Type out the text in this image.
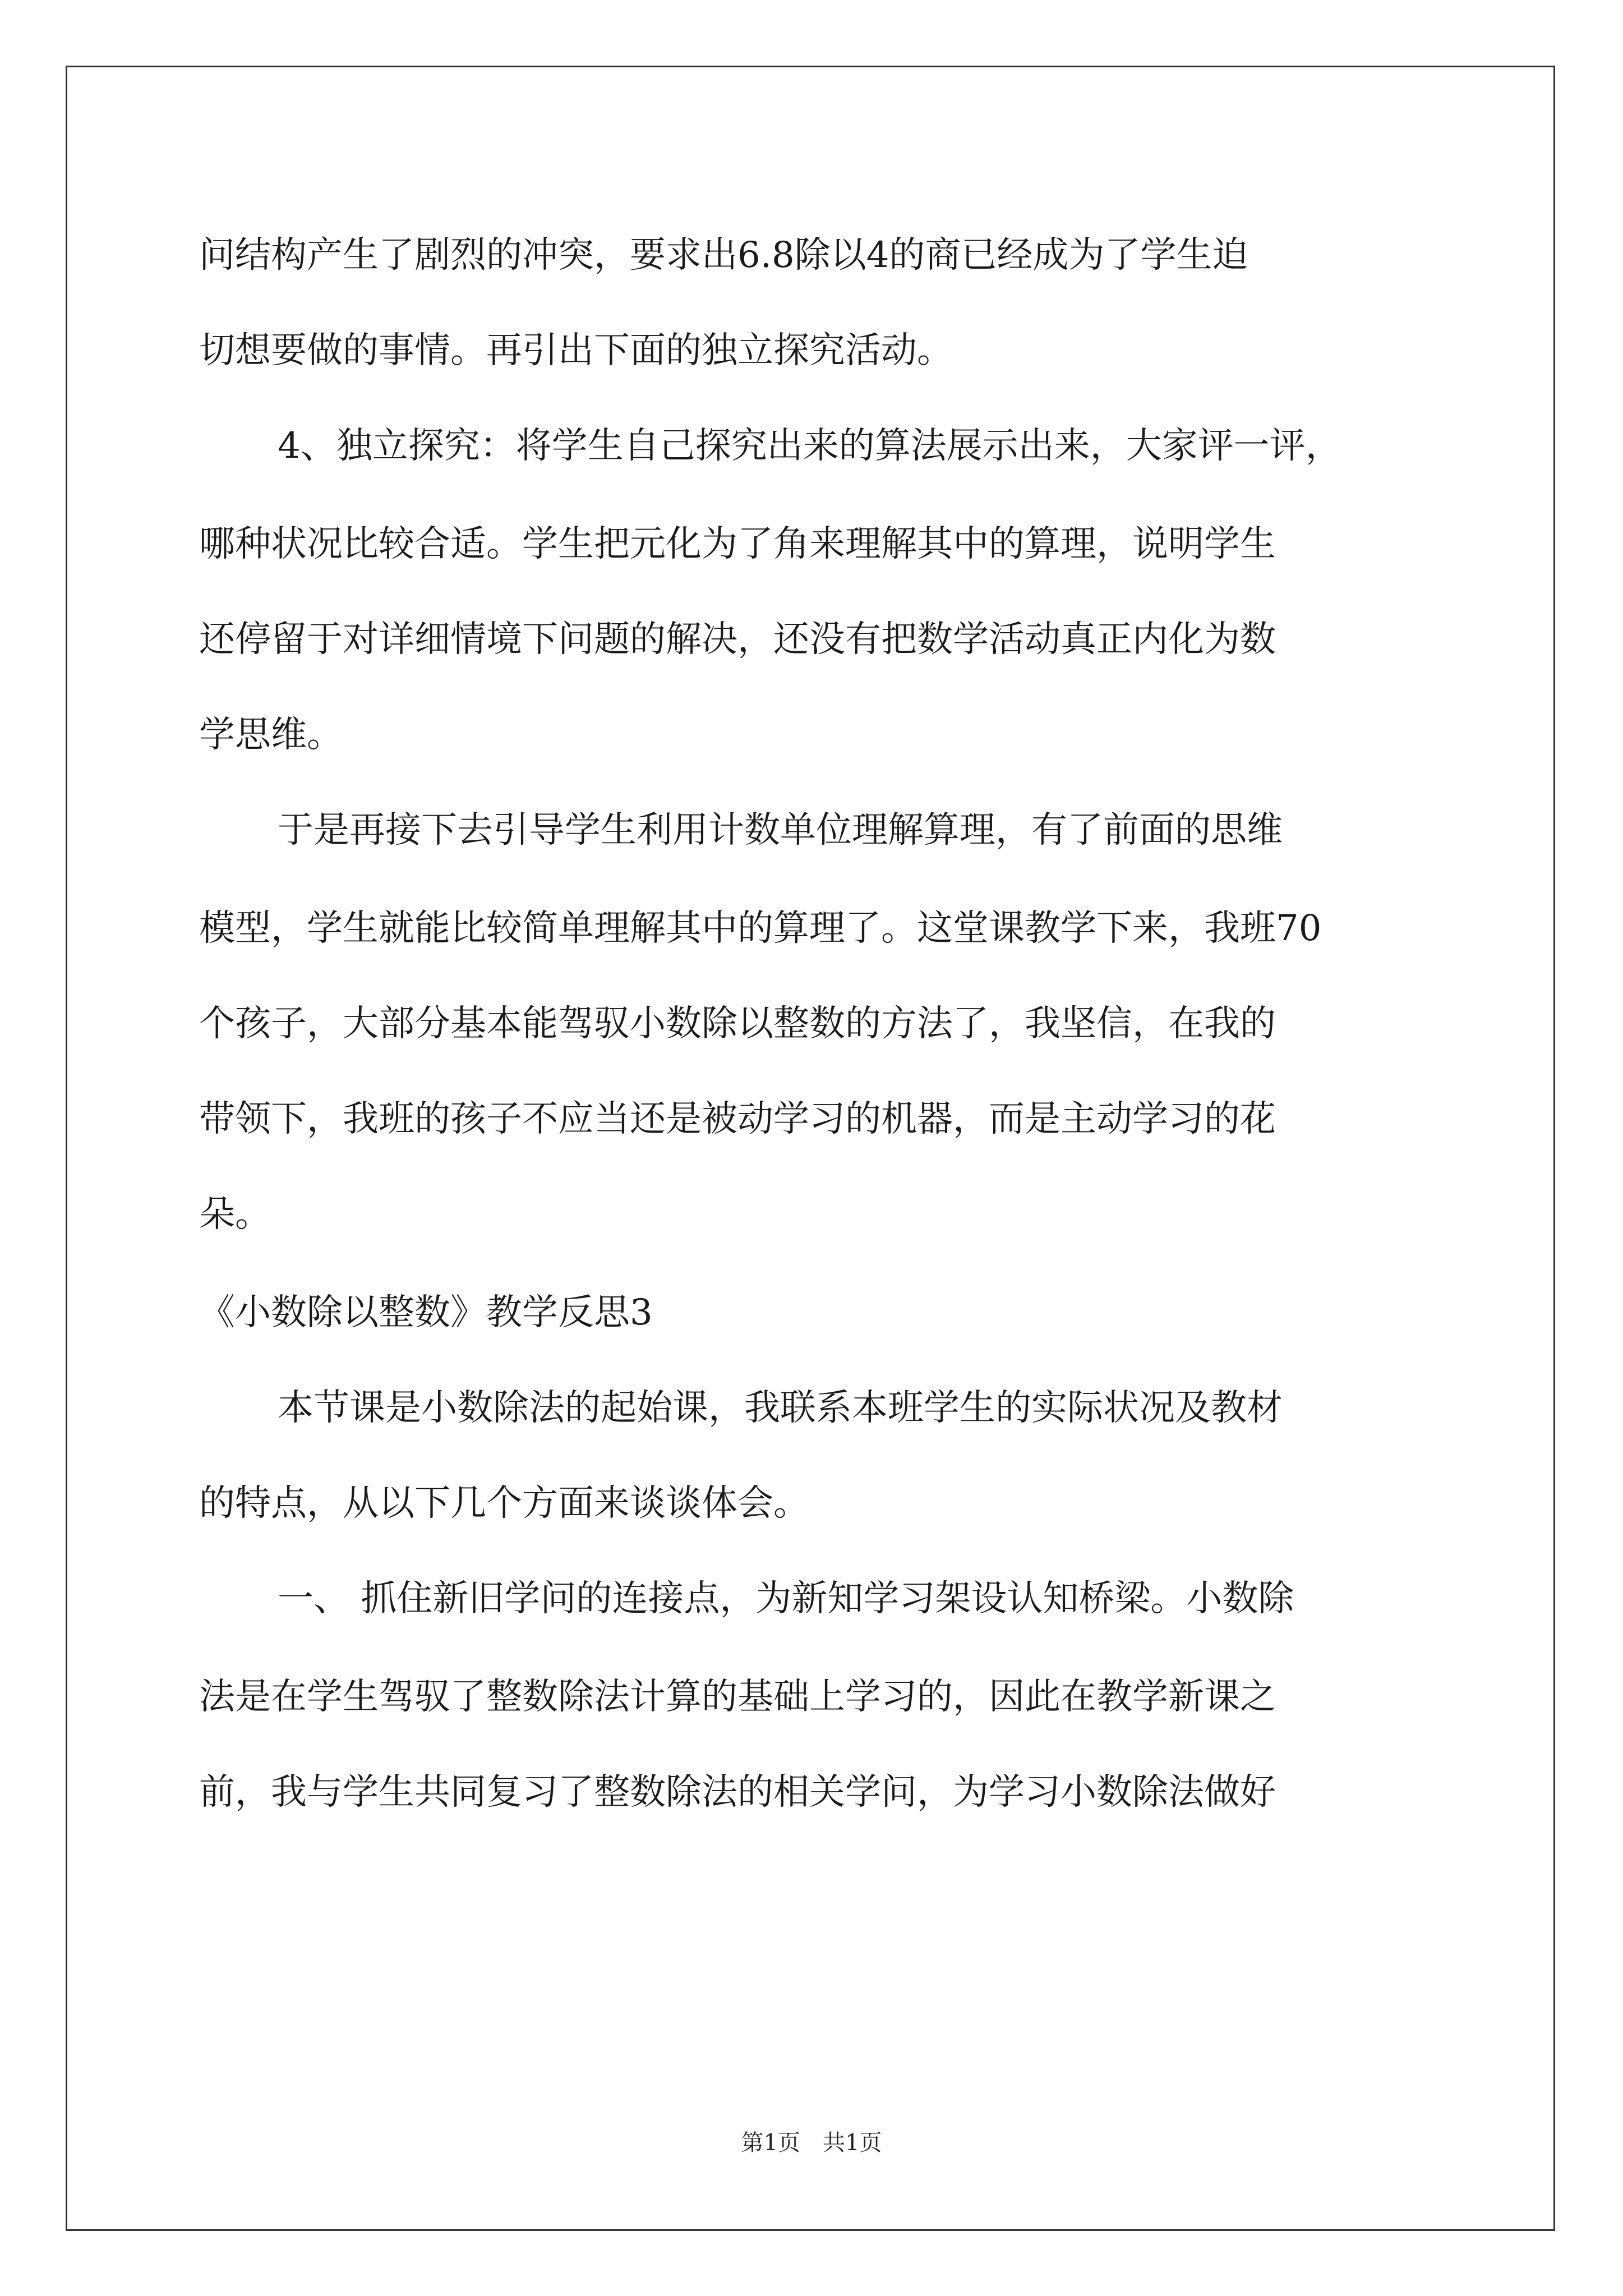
问结构产生了剧烈的冲突，要求出6.8除以4的商已经成为了学生迫
切想要做的事情。再引出下面的独立探究活动。
4、独立探究：将学生自己探究出来的算法展示出来，大家评一评，
哪种状况比较合适。学生把元化为了角来理解其中的算理，说明学生
还停留于对详细情境下问题的解决，还没有把数学活动真正内化为数
学思维。
于是再接下去引导学生利用计数单位理解算理，有了前面的思维
模型，学生就能比较简单理解其中的算理了。这堂课教学下来，我班70
个孩子，大部分基本能驾驭小数除以整数的方法了，我坚信，在我的
带领下，我班的孩子不应当还是被动学习的机器，而是主动学习的花
朵。
《小数除以整数》教学反思3
本节课是小数除法的起始课，我联系本班学生的实际状况及教材
的特点，从以下几个方面来谈谈体会。
一、 抓住新旧学问的连接点，为新知学习架设认知桥梁。小数除
法是在学生驾驭了整数除法计算的基础上学习的，因此在教学新课之
前，我与学生共同复习了整数除法的相关学问，为学习小数除法做好
第1页　共1页
